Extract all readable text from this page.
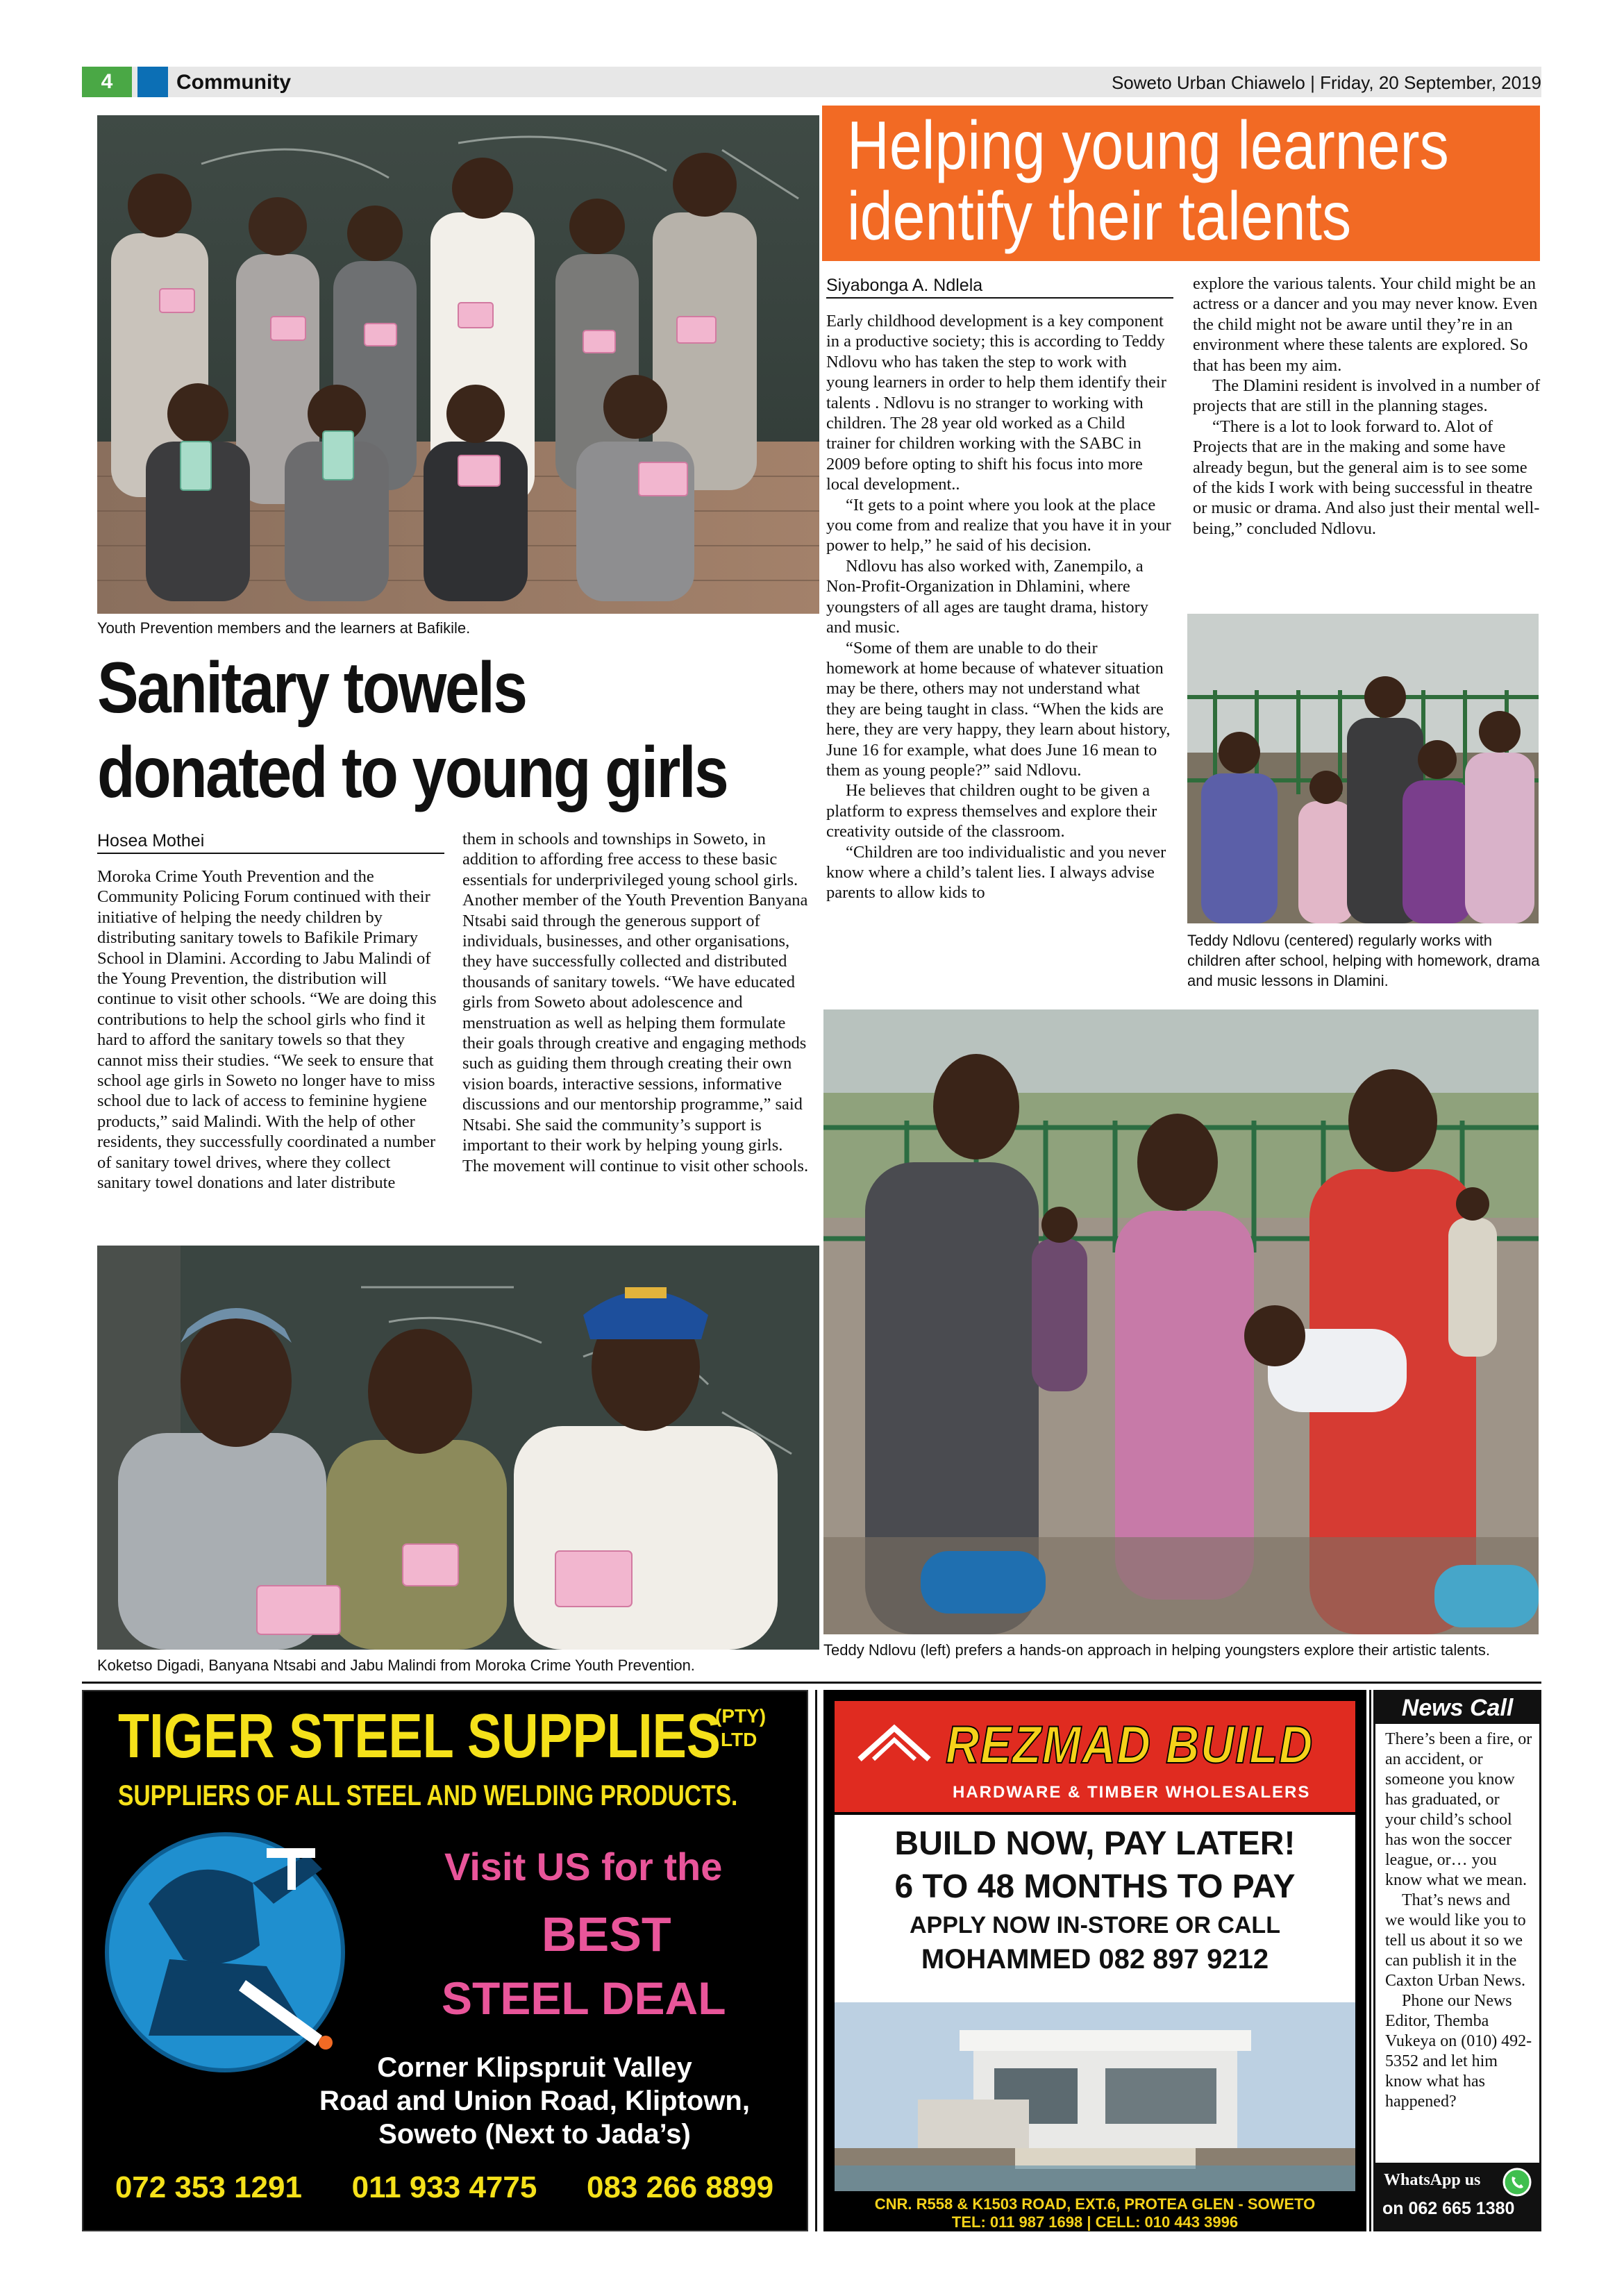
4	Community	Soweto Urban Chiawelo | Friday, 20 September, 2019
Youth Prevention members and the learners at Bafikile.
Sanitary towels
donated to young girls
Hosea Mothei

Moroka Crime Youth Prevention and the Community Policing Forum continued with their initiative of helping the needy children by distributing sanitary towels to Bafikile Primary School in Dlamini. According to Jabu Malindi of the Young Prevention, the distribution will continue to visit other schools. “We are doing this contributions to help the school girls who find it hard to afford the sanitary towels so that they cannot miss their studies. “We seek to ensure that school age girls in Soweto no longer have to miss school due to lack of access to feminine hygiene products,” said Malindi. With the help of other residents, they successfully coordinated a number of sanitary towel drives, where they collect sanitary towel donations and later distribute

them in schools and townships in Soweto, in addition to affording free access to these basic essentials for underprivileged young school girls. Another member of the Youth Prevention Banyana Ntsabi said through the generous support of individuals, businesses, and other organisations, they have successfully collected and distributed thousands of sanitary towels. “We have educated girls from Soweto about adolescence and menstruation as well as helping them formulate their goals through creative and engaging methods such as guiding them through creating their own vision boards, interactive sessions, informative discussions and our mentorship programme,” said Ntsabi. She said the community’s support is important to their work by helping young girls. The movement will continue to visit other schools.

Koketso Digadi, Banyana Ntsabi and Jabu Malindi from Moroka Crime Youth Prevention.
Helping young learners
identify their talents
Siyabonga A. Ndlela

Early childhood development is a key component in a productive society; this is according to Teddy Ndlovu who has taken the step to work with young learners in order to help them identify their talents . Ndlovu is no stranger to working with children. The 28 year old worked as a Child trainer for children working with the SABC in 2009 before opting to shift his focus into more local development..

“It gets to a point where you look at the place you come from and realize that you have it in your power to help,” he said of his decision.

Ndlovu has also worked with, Zanempilo, a Non-Profit-Organization in Dhlamini, where youngsters of all ages are taught drama, history and music.

“Some of them are unable to do their homework at home because of whatever situation may be there, others may not understand what they are being taught in class. “When the kids are here, they are very happy, they learn about history, June 16 for example, what does June 16 mean to them as young people?” said Ndlovu.

He believes that children ought to be given a platform to express themselves and explore their creativity outside of the classroom.

“Children are too individualistic and you never know where a child’s talent lies. I always advise parents to allow kids to

explore the various talents. Your child might be an actress or a dancer and you may never know. Even the child might not be aware until they’re in an environment where these talents are explored. So that has been my aim.

The Dlamini resident is involved in a number of projects that are still in the planning stages.

“There is a lot to look forward to. Alot of Projects that are in the making and some have already begun, but the general aim is to see some of the kids I work with being successful in theatre or music or drama. And also just their mental well-being,” concluded Ndlovu.

Teddy Ndlovu (centered) regularly works with children after school, helping with homework, drama and music lessons in Dlamini.
Teddy Ndlovu (left) prefers a hands-on approach in helping youngsters explore their artistic talents.
TIGER STEEL SUPPLIES
(PTY)
LTD
SUPPLIERS OF ALL STEEL AND WELDING PRODUCTS.
Visit US for the
BEST
STEEL DEAL
Corner Klipspruit Valley
Road and Union Road, Kliptown,
Soweto (Next to Jada’s)
072 353 1291 011 933 4775 083 266 8899
REZMAD BUILD
HARDWARE & TIMBER WHOLESALERS
BUILD NOW, PAY LATER!
6 TO 48 MONTHS TO PAY
APPLY NOW IN-STORE OR CALL
MOHAMMED 082 897 9212
CNR. R558 & K1503 ROAD, EXT.6, PROTEA GLEN - SOWETO
TEL: 011 987 1698 | CELL: 010 443 3996
News Call

There’s been a fire, or an accident, or someone you know has graduated, or your child’s school has won the soccer league, or… you know what we mean.

That’s news and we would like you to tell us about it so we can publish it in the Caxton Urban News.

Phone our News Editor, Themba Vukeya on (010) 492-5352 and let him know what has happened?

WhatsApp us
on 062 665 1380
